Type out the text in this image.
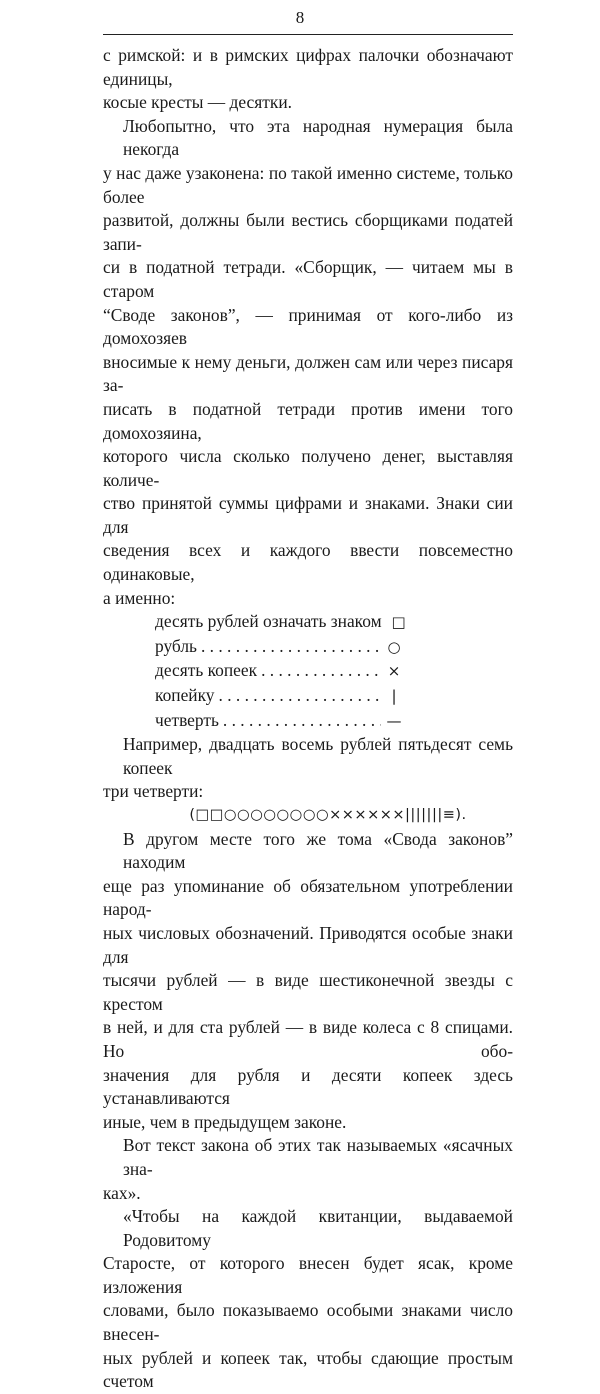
8

с римской: и в римских цифрах палочки обозначают единицы,
косые кресты — десятки.

Любопытно, что эта народная нумерация была некогда
у нас даже узаконена: по такой именно системе, только более
развитой, должны были вестись сборщиками податей запи-
си в податной тетради. «Сборщик, — читаем мы в старом
“Своде законов”, — принимая от кого-либо из домохозяев
вносимые к нему деньги, должен сам или через писаря за-
писать в податной тетради против имени того домохозяина,
которого числа сколько получено денег, выставляя количе-
ство принятой суммы цифрами и знаками. Знаки сии для
сведения всех и каждого ввести повсеместно одинаковые,
а именно:

десять рублей означать знаком □
рубль . . .	○
десять копеек . . .	×
копейку . . .	|
четверть . . .	—

Например, двадцать восемь рублей пятьдесят семь копеек
три четверти:

(□□○○○○○○○○××××××|||||||≡).

В другом месте того же тома «Свода законов” находим
еще раз упоминание об обязательном употреблении народ-
ных числовых обозначений. Приводятся особые знаки для
тысячи рублей — в виде шестиконечной звезды с крестом
в ней, и для ста рублей — в виде колеса с 8 спицами. Но обо-
значения для рубля и десяти копеек здесь устанавливаются
иные, чем в предыдущем законе.

Вот текст закона об этих так называемых «ясачных зна-
ках».

«Чтобы на каждой квитанции, выдаваемой Родовитому
Старосте, от которого внесен будет ясак, кроме изложения
словами, было показываемо особыми знаками число внесен-
ных рублей и копеек так, чтобы сдающие простым счетом
